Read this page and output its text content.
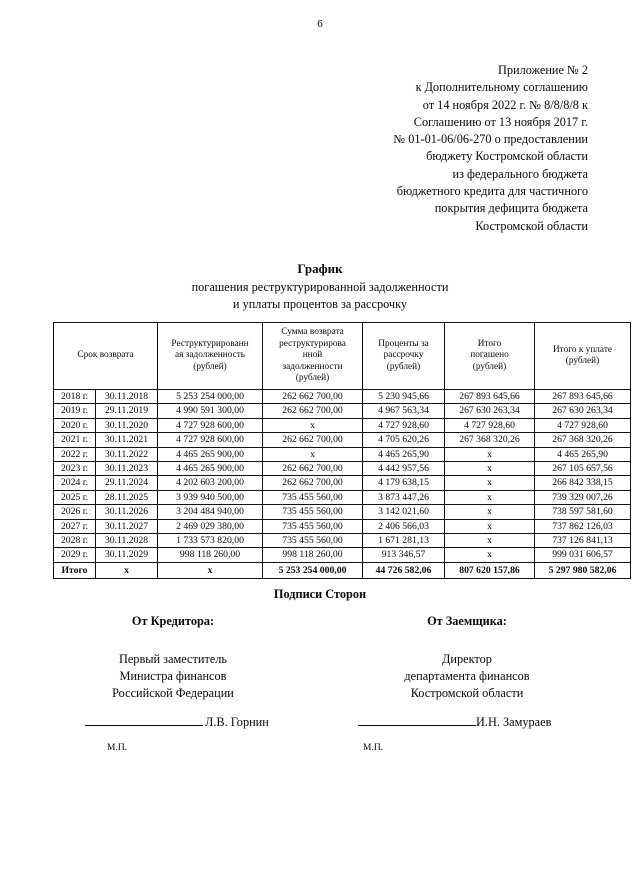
6
Приложение № 2
к Дополнительному соглашению
от 14 ноября 2022 г. № 8/8/8/8 к
Соглашению от 13 ноября 2017 г.
№ 01-01-06/06-270 о предоставлении
бюджету Костромской области
из федерального бюджета
бюджетного кредита для частичного
покрытия дефицита бюджета
Костромской области
График
погашения реструктурированной задолженности
и уплаты процентов за рассрочку
Срок возврата	
Реструктурированн
ая задолженность
(рублей)

Сумма возврата
реструктурирова
нной
задолженности
(рублей)

Проценты за
рассрочку
(рублей)

Итого
погашено
(рублей)

Итого к уплате
(рублей)

2018 г.	30.11.2018	5 253 254 000,00	262 662 700,00	5 230 945,66	267 893 645,66	267 893 645,66
2019 г.	29.11.2019	4 990 591 300,00	262 662 700,00	4 967 563,34	267 630 263,34	267 630 263,34
2020 г.	30.11.2020	4 727 928 600,00	х	4 727 928,60	4 727 928,60	4 727 928,60
2021 г.	30.11.2021	4 727 928 600,00	262 662 700,00	4 705 620,26	267 368 320,26	267 368 320,26
2022 г.	30.11.2022	4 465 265 900,00	х	4 465 265,90	х	4 465 265,90
2023 г.	30.11.2023	4 465 265 900,00	262 662 700,00	4 442 957,56	х	267 105 657,56
2024 г.	29.11.2024	4 202 603 200,00	262 662 700,00	4 179 638,15	х	266 842 338,15
2025 г.	28.11.2025	3 939 940 500,00	735 455 560,00	3 873 447,26	х	739 329 007,26
2026 г.	30.11.2026	3 204 484 940,00	735 455 560,00	3 142 021,60	х	738 597 581,60
2027 г.	30.11.2027	2 469 029 380,00	735 455 560,00	2 406 566,03	х	737 862 126,03
2028 г.	30.11.2028	1 733 573 820,00	735 455 560,00	1 671 281,13	х	737 126 841,13
2029 г.	30.11.2029	998 118 260,00	998 118 260,00	913 346,57	х	999 031 606,57
Итого	х	х	5 253 254 000,00	44 726 582,06	807 620 157,86	5 297 980 582,06
Подписи Сторон
От Кредитора:
Первый заместитель
Министра финансов
Российской Федерации
От Заемщика:
Директор
департамента финансов
Костромской области
Л.В. Горнин	И.Н. Замураев
М.П.	М.П.
